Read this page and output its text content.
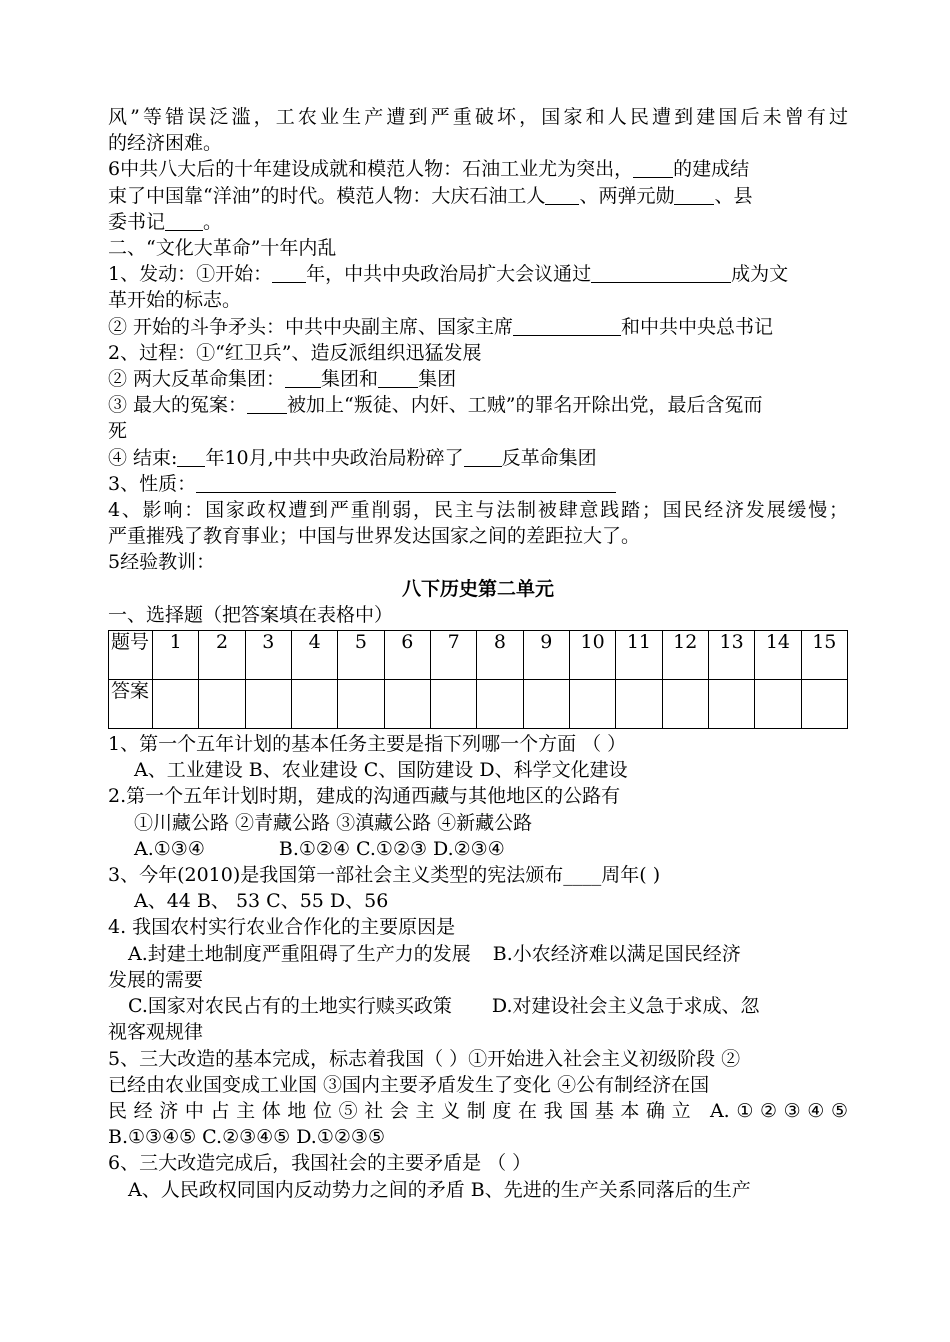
风”等错误泛滥，工农业生产遭到严重破坏，国家和人民遭到建国后未曾有过
的经济困难。
6中共八大后的十年建设成就和模范人物：石油工业尤为突出， 的建成结
束了中国靠“洋油”的时代。模范人物：大庆石油工人 、两弹元勋 、县
委书记 。
二、“文化大革命”十年内乱
1、发动：①开始： 年，中共中央政治局扩大会议通过	成为文
革开始的标志。
② 开始的斗争矛头：中共中央副主席、国家主席	和中共中央总书记
2、过程：①“红卫兵”、造反派组织迅猛发展
② 两大反革命集团： 集团和 集团
③ 最大的冤案： 被加上“叛徒、内奸、工贼”的罪名开除出党，最后含冤而
死
④ 结束: 年10月,中共中央政治局粉碎了 反革命集团
3、性质：
4、影响：国家政权遭到严重削弱，民主与法制被肆意践踏；国民经济发展缓慢；
严重摧残了教育事业；中国与世界发达国家之间的差距拉大了。
5经验教训：
八下历史第二单元
一、选择题（把答案填在表格中）
题号	1	2	3	4	5	6	7	8	9	10	11	12	13	14	15
答案															
1、第一个五年计划的基本任务主要是指下列哪一个方面 （ ）
A、工业建设 B、农业建设 C、国防建设 D、科学文化建设
2.第一个五年计划时期，建成的沟通西藏与其他地区的公路有
①川藏公路 ②青藏公路 ③滇藏公路 ④新藏公路
A.①③④	B.①②④ C.①②③ D.②③④
3、今年(2010)是我国第一部社会主义类型的宪法颁布____周年( )
A、44 B、 53 C、55 D、56
4. 我国农村实行农业合作化的主要原因是
A.封建土地制度严重阻碍了生产力的发展 B.小农经济难以满足国民经济
发展的需要
C.国家对农民占有的土地实行赎买政策 D.对建设社会主义急于求成、忽
视客观规律
5、三大改造的基本完成，标志着我国（ ）①开始进入社会主义初级阶段 ②
已经由农业国变成工业国 ③国内主要矛盾发生了变化 ④公有制经济在国
民经济中占主体地位⑤社会主义制度在我国基本确立 A.①②③④⑤
B.①③④⑤ C.②③④⑤ D.①②③⑤
6、三大改造完成后，我国社会的主要矛盾是 （ ）
A、人民政权同国内反动势力之间的矛盾 B、先进的生产关系同落后的生产
